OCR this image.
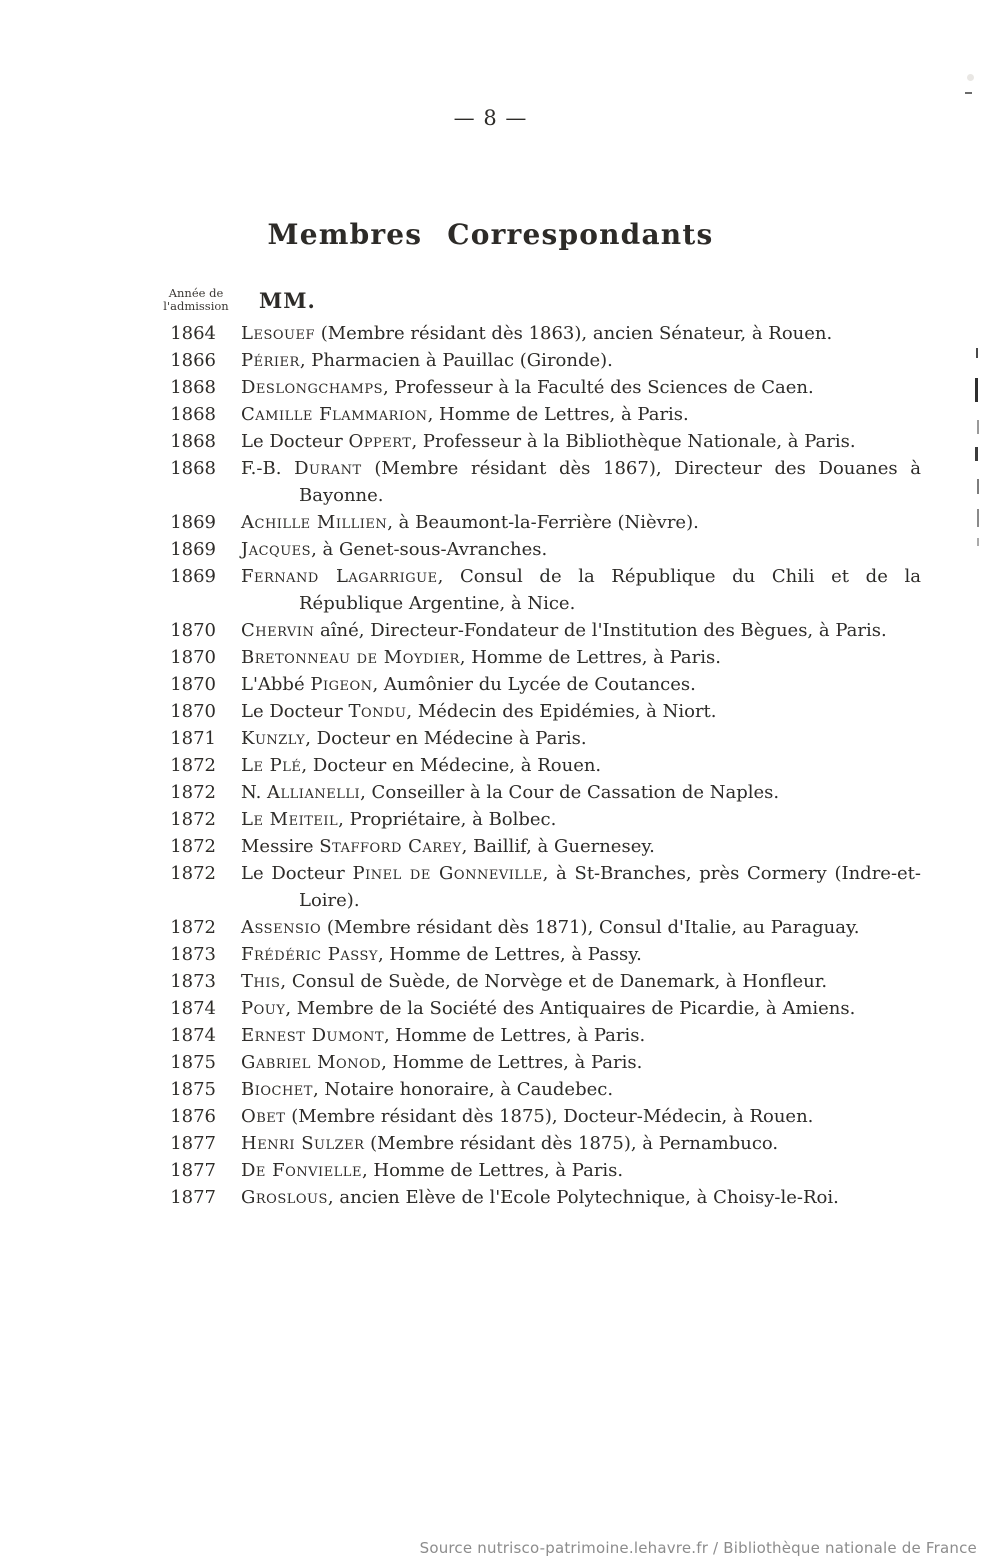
— 8 —
Membres Correspondants
Année de
l'admission	MM.
1864 Lesouef (Membre résidant dès 1863), ancien Sénateur, à Rouen.
1866 Périer, Pharmacien à Pauillac (Gironde).
1868 Deslongchamps, Professeur à la Faculté des Sciences de Caen.
1868 Camille Flammarion, Homme de Lettres, à Paris.
1868 Le Docteur Oppert, Professeur à la Bibliothèque Nationale, à Paris.
1868 F.-B. Durant (Membre résidant dès 1867), Directeur des Douanes à Bayonne.
1869 Achille Millien, à Beaumont-la-Ferrière (Nièvre).
1869 Jacques, à Genet-sous-Avranches.
1869 Fernand Lagarrigue, Consul de la République du Chili et de la République Argentine, à Nice.
1870 Chervin aîné, Directeur-Fondateur de l'Institution des Bègues, à Paris.
1870 Bretonneau de Moydier, Homme de Lettres, à Paris.
1870 L'Abbé Pigeon, Aumônier du Lycée de Coutances.
1870 Le Docteur Tondu, Médecin des Epidémies, à Niort.
1871 Kunzly, Docteur en Médecine à Paris.
1872 Le Plé, Docteur en Médecine, à Rouen.
1872 N. Allianelli, Conseiller à la Cour de Cassation de Naples.
1872 Le Meiteil, Propriétaire, à Bolbec.
1872 Messire Stafford Carey, Baillif, à Guernesey.
1872 Le Docteur Pinel de Gonneville, à St-Branches, près Cormery (Indre-et-Loire).
1872 Assensio (Membre résidant dès 1871), Consul d'Italie, au Paraguay.
1873 Frédéric Passy, Homme de Lettres, à Passy.
1873 This, Consul de Suède, de Norvège et de Danemark, à Honfleur.
1874 Pouy, Membre de la Société des Antiquaires de Picardie, à Amiens.
1874 Ernest Dumont, Homme de Lettres, à Paris.
1875 Gabriel Monod, Homme de Lettres, à Paris.
1875 Biochet, Notaire honoraire, à Caudebec.
1876 Obet (Membre résidant dès 1875), Docteur-Médecin, à Rouen.
1877 Henri Sulzer (Membre résidant dès 1875), à Pernambuco.
1877 De Fonvielle, Homme de Lettres, à Paris.
1877 Groslous, ancien Elève de l'Ecole Polytechnique, à Choisy-le-Roi.
Source nutrisco-patrimoine.lehavre.fr / Bibliothèque nationale de France
